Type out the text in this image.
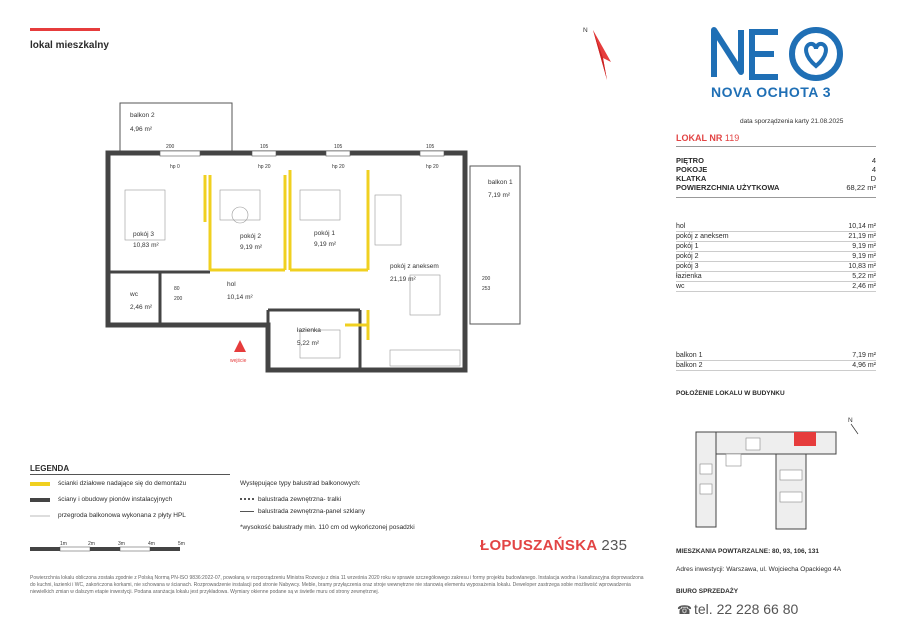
lokal mieszkalny
NOVA OCHOTA 3
data sporządzenia karty 21.08.2025
LOKAL NR 119
PIĘTRO	4
POKOJE	4
KLATKA	D
POWIERZCHNIA UŻYTKOWA	68,22 m²
hol	10,14 m²
pokój z aneksem	21,19 m²
pokój 1	9,19 m²
pokój 2	9,19 m²
pokój 3	10,83 m²
łazienka	5,22 m²
wc	2,46 m²
balkon 1	7,19 m²
balkon 2	4,96 m²
POŁOŻENIE LOKALU W BUDYNKU
N
MIESZKANIA POWTARZALNE: 80, 93, 106, 131
Adres inwestycji: Warszawa, ul. Wojciecha Opackiego 4A
BIURO SPRZEDAŻY
☎ tel. 22 228 66 80
balkon 2
4,96 m²
balkon 1
7,19 m²
pokój 3
10,83 m²
pokój 2
9,19 m²
pokój 1
9,19 m²
pokój z aneksem
21,19 m²
hol
10,14 m²
wc
2,46 m²
łazienka
5,22 m²
200	105	105	105
hp 0	hp 20	hp 20	hp 20
200
253
80
200
wejście
N
LEGENDA
ścianki działowe nadające się do demontażu
ściany i obudowy pionów instalacyjnych
przegroda balkonowa wykonana z płyty HPL
Występujące typy balustrad balkonowych:
balustrada zewnętrzna- tralki
balustrada zewnętrzna-panel szklany
*wysokość balustrady min. 110 cm od wykończonej posadzki
1m	2m	3m	4m	5m	ŁOPUSZAŃSKA 235
Powierzchnia lokalu obliczona została zgodnie z Polską Normą PN-ISO 9836:2022-07, powołaną w rozporządzeniu Ministra Rozwoju z dnia 11 września 2020 roku w sprawie szczegółowego zakresu i formy projektu budowlanego. Instalacja wodna i kanalizacyjna doprowadzona do kuchni, łazienki i WC, zakończona korkami, nie schowana w ścianach. Rozprowadzenie instalacji pod stronie Nabywcy. Meble, bramy przyłączenia oraz stroje wewnętrzne nie stanowią elementu wyposażenia lokalu. Deweloper zastrzega sobie możliwość wprowadzenia niewielkich zmian w dalszym etapie inwestycji. Podana aranżacja lokalu jest przykładowa. Wymiary okienne podane są w świetle muru od strony zewnętrznej.
